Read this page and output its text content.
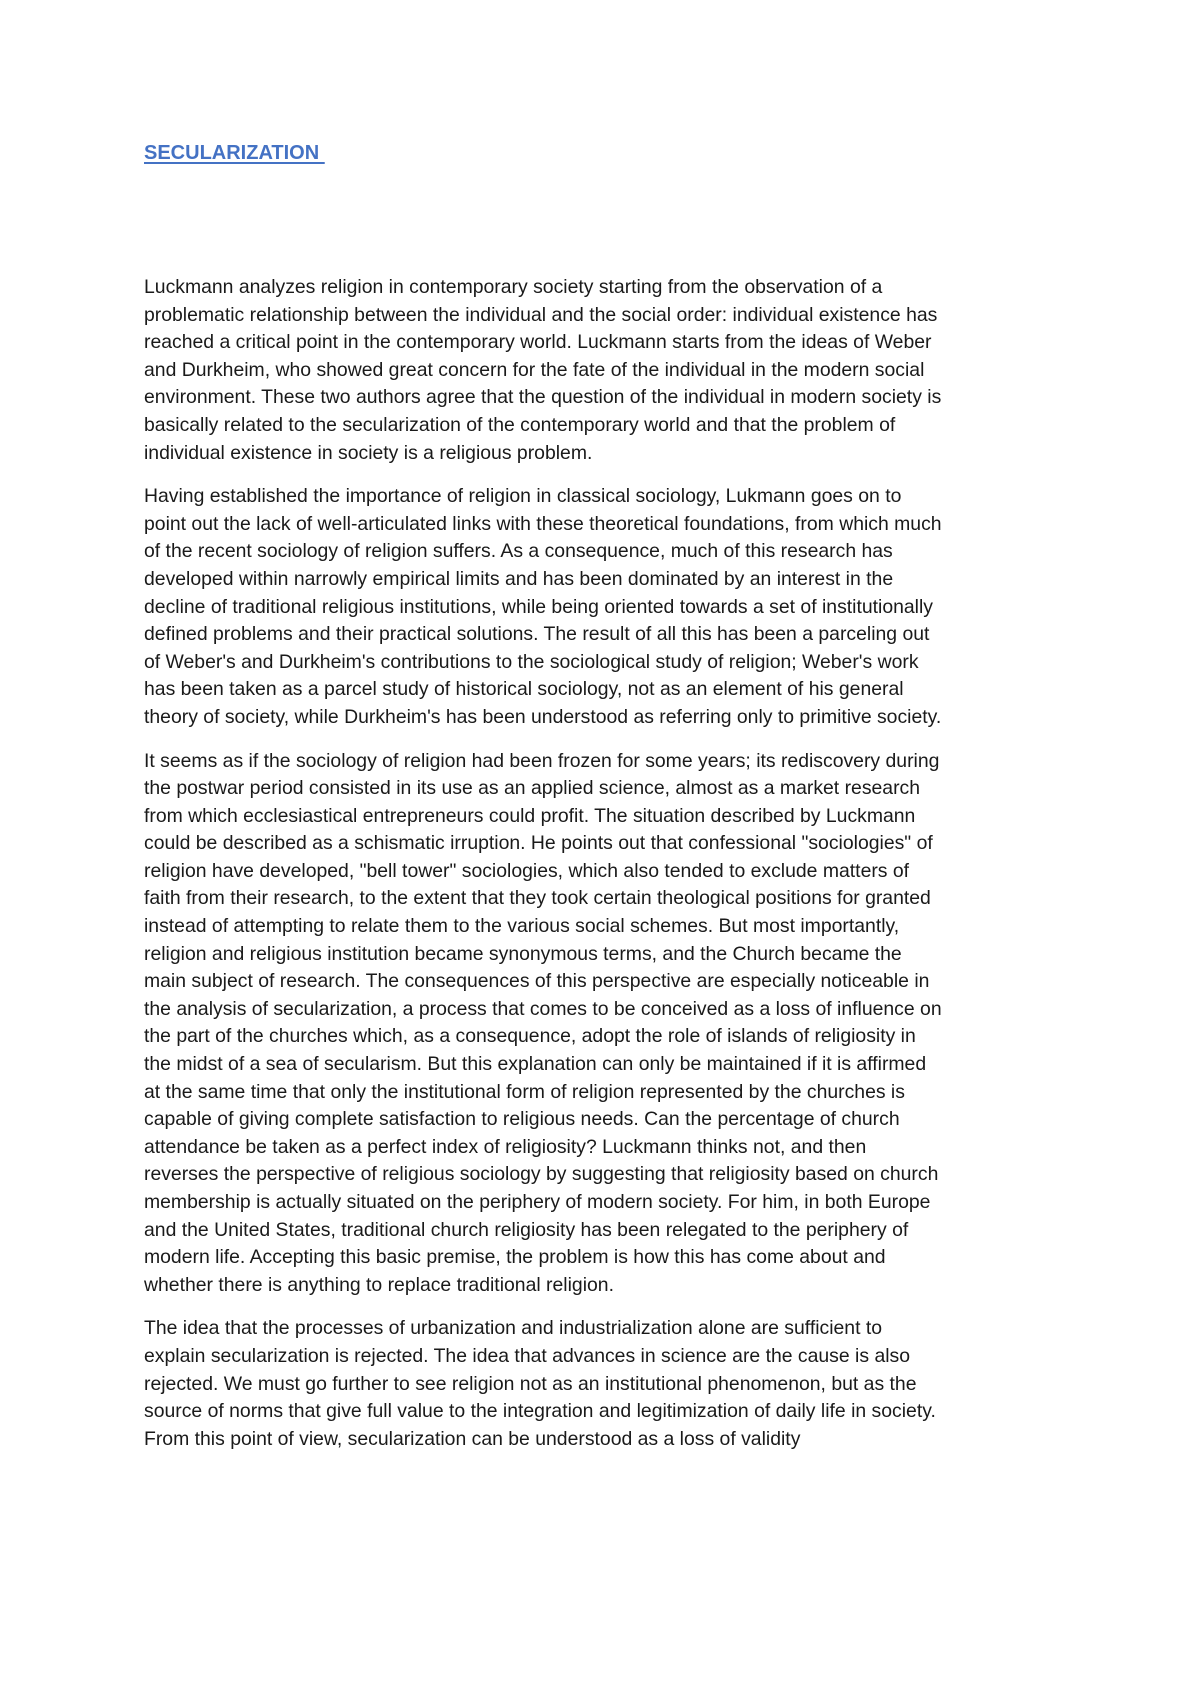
SECULARIZATION

Luckmann analyzes religion in contemporary society starting from the observation of a
problematic relationship between the individual and the social order: individual existence has
reached a critical point in the contemporary world. Luckmann starts from the ideas of Weber
and Durkheim, who showed great concern for the fate of the individual in the modern social
environment. These two authors agree that the question of the individual in modern society is
basically related to the secularization of the contemporary world and that the problem of
individual existence in society is a religious problem.

Having established the importance of religion in classical sociology, Lukmann goes on to
point out the lack of well-articulated links with these theoretical foundations, from which much
of the recent sociology of religion suffers. As a consequence, much of this research has
developed within narrowly empirical limits and has been dominated by an interest in the
decline of traditional religious institutions, while being oriented towards a set of institutionally
defined problems and their practical solutions. The result of all this has been a parceling out
of Weber's and Durkheim's contributions to the sociological study of religion; Weber's work
has been taken as a parcel study of historical sociology, not as an element of his general
theory of society, while Durkheim's has been understood as referring only to primitive society.

It seems as if the sociology of religion had been frozen for some years; its rediscovery during
the postwar period consisted in its use as an applied science, almost as a market research
from which ecclesiastical entrepreneurs could profit. The situation described by Luckmann
could be described as a schismatic irruption. He points out that confessional "sociologies" of
religion have developed, "bell tower" sociologies, which also tended to exclude matters of
faith from their research, to the extent that they took certain theological positions for granted
instead of attempting to relate them to the various social schemes. But most importantly,
religion and religious institution became synonymous terms, and the Church became the
main subject of research. The consequences of this perspective are especially noticeable in
the analysis of secularization, a process that comes to be conceived as a loss of influence on
the part of the churches which, as a consequence, adopt the role of islands of religiosity in
the midst of a sea of secularism. But this explanation can only be maintained if it is affirmed
at the same time that only the institutional form of religion represented by the churches is
capable of giving complete satisfaction to religious needs. Can the percentage of church
attendance be taken as a perfect index of religiosity? Luckmann thinks not, and then
reverses the perspective of religious sociology by suggesting that religiosity based on church
membership is actually situated on the periphery of modern society. For him, in both Europe
and the United States, traditional church religiosity has been relegated to the periphery of
modern life. Accepting this basic premise, the problem is how this has come about and
whether there is anything to replace traditional religion.

The idea that the processes of urbanization and industrialization alone are sufficient to
explain secularization is rejected. The idea that advances in science are the cause is also
rejected. We must go further to see religion not as an institutional phenomenon, but as the
source of norms that give full value to the integration and legitimization of daily life in society.
From this point of view, secularization can be understood as a loss of validity
